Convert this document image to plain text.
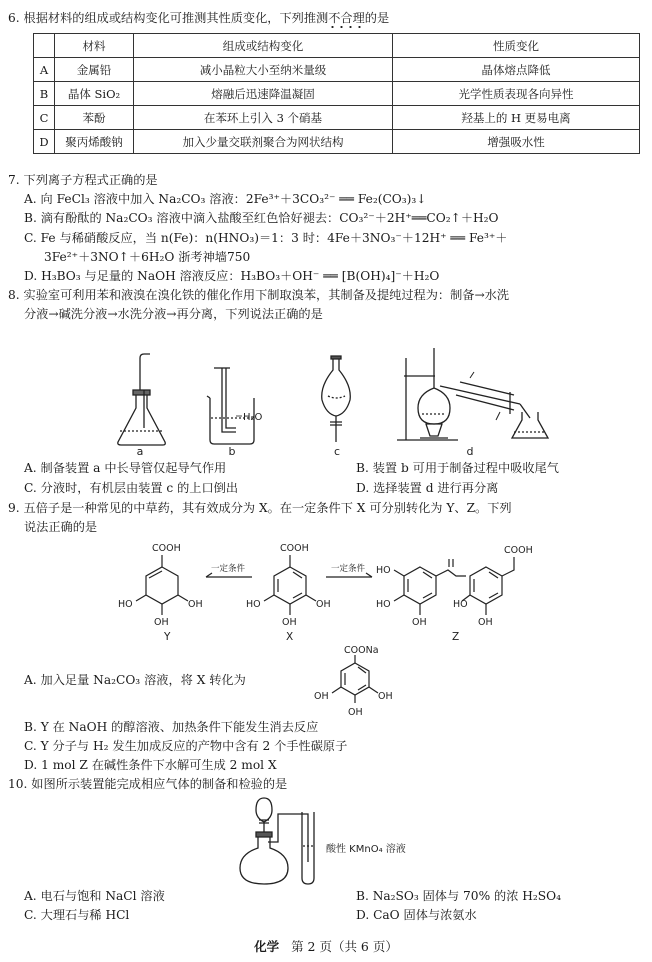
6. 根据材料的组成或结构变化可推测其性质变化，下列推测不合理的是
	材料	组成或结构变化	性质变化
A	金属铅	减小晶粒大小至纳米量级	晶体熔点降低
B	晶体 SiO₂	熔融后迅速降温凝固	光学性质表现各向异性
C	苯酚	在苯环上引入 3 个硝基	羟基上的 H 更易电离
D	聚丙烯酸钠	加入少量交联剂聚合为网状结构	增强吸水性
7. 下列离子方程式正确的是
A. 向 FeCl₃ 溶液中加入 Na₂CO₃ 溶液：2Fe³⁺＋3CO₃²⁻ ══ Fe₂(CO₃)₃↓
B. 滴有酚酞的 Na₂CO₃ 溶液中滴入盐酸至红色恰好褪去：CO₃²⁻＋2H⁺══CO₂↑＋H₂O
C. Fe 与稀硝酸反应，当 n(Fe)：n(HNO₃)＝1：3 时：4Fe＋3NO₃⁻＋12H⁺ ══ Fe³⁺＋
3Fe²⁺＋3NO↑＋6H₂O 浙考神墙750
D. H₃BO₃ 与足量的 NaOH 溶液反应：H₃BO₃＋OH⁻ ══ [B(OH)₄]⁻＋H₂O
8. 实验室可利用苯和液溴在溴化铁的催化作用下制取溴苯，其制备及提纯过程为：制备→水洗
分液→碱洗分液→水洗分液→再分离，下列说法正确的是
a	b	c	d
H₂O
A. 制备装置 a 中长导管仅起导气作用	B. 装置 b 可用于制备过程中吸收尾气
C. 分液时，有机层由装置 c 的上口倒出	D. 选择装置 d 进行再分离
9. 五倍子是一种常见的中草药，其有效成分为 X。在一定条件下 X 可分别转化为 Y、Z。下列
说法正确的是
COOH
HO
OH
OH
COOH
HO
OH
OH
HO
HO
OH
HO
OH
COOH
一定条件	一定条件
Y	X	Z
A. 加入足量 Na₂CO₃ 溶液，将 X 转化为
COONa
OH
OH
OH
B. Y 在 NaOH 的醇溶液、加热条件下能发生消去反应
C. Y 分子与 H₂ 发生加成反应的产物中含有 2 个手性碳原子
D. 1 mol Z 在碱性条件下水解可生成 2 mol X
10. 如图所示装置能完成相应气体的制备和检验的是
酸性 KMnO₄ 溶液
A. 电石与饱和 NaCl 溶液	B. Na₂SO₃ 固体与 70% 的浓 H₂SO₄
C. 大理石与稀 HCl	D. CaO 固体与浓氨水
化学 第 2 页（共 6 页）
